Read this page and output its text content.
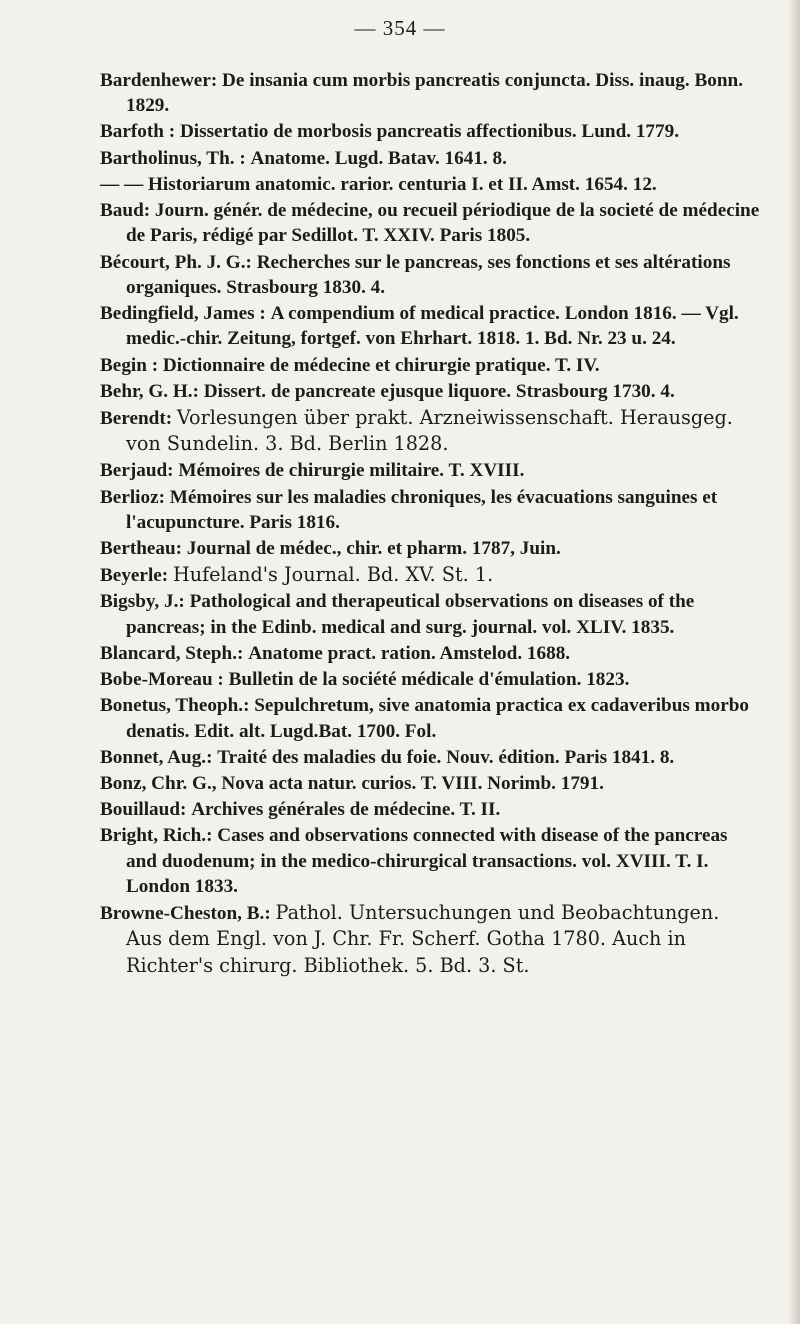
— 354 —

Bardenhewer: De insania cum morbis pancreatis conjuncta. Diss. inaug. Bonn. 1829.

Barfoth : Dissertatio de morbosis pancreatis affectionibus. Lund. 1779.

Bartholinus, Th. : Anatome. Lugd. Batav. 1641. 8.

— — Historiarum anatomic. rarior. centuria I. et II. Amst. 1654. 12.

Baud: Journ. génér. de médecine, ou recueil périodique de la societé de médecine de Paris, rédigé par Sedillot. T. XXIV. Paris 1805.

Bécourt, Ph. J. G.: Recherches sur le pancreas, ses fonctions et ses altérations organiques. Strasbourg 1830. 4.

Bedingfield, James : A compendium of medical practice. London 1816. — Vgl. medic.-chir. Zeitung, fortgef. von Ehrhart. 1818. 1. Bd. Nr. 23 u. 24.

Begin : Dictionnaire de médecine et chirurgie pratique. T. IV.

Behr, G. H.: Dissert. de pancreate ejusque liquore. Strasbourg 1730. 4.

Berendt: Vorlesungen über prakt. Arzneiwissenschaft. Herausgeg. von Sundelin. 3. Bd. Berlin 1828.

Berjaud: Mémoires de chirurgie militaire. T. XVIII.

Berlioz: Mémoires sur les maladies chroniques, les évacuations sanguines et l'acupuncture. Paris 1816.

Bertheau: Journal de médec., chir. et pharm. 1787, Juin.

Beyerle: Hufeland's Journal. Bd. XV. St. 1.

Bigsby, J.: Pathological and therapeutical observations on diseases of the pancreas; in the Edinb. medical and surg. journal. vol. XLIV. 1835.

Blancard, Steph.: Anatome pract. ration. Amstelod. 1688.

Bobe-Moreau : Bulletin de la société médicale d'émulation. 1823.

Bonetus, Theoph.: Sepulchretum, sive anatomia practica ex cadaveribus morbo denatis. Edit. alt. Lugd.Bat. 1700. Fol.

Bonnet, Aug.: Traité des maladies du foie. Nouv. édition. Paris 1841. 8.

Bonz, Chr. G., Nova acta natur. curios. T. VIII. Norimb. 1791.

Bouillaud: Archives générales de médecine. T. II.

Bright, Rich.: Cases and observations connected with disease of the pancreas and duodenum; in the medico-chirurgical transactions. vol. XVIII. T. I. London 1833.

Browne-Cheston, B.: Pathol. Untersuchungen und Beobachtungen. Aus dem Engl. von J. Chr. Fr. Scherf. Gotha 1780. Auch in Richter's chirurg. Bibliothek. 5. Bd. 3. St.
